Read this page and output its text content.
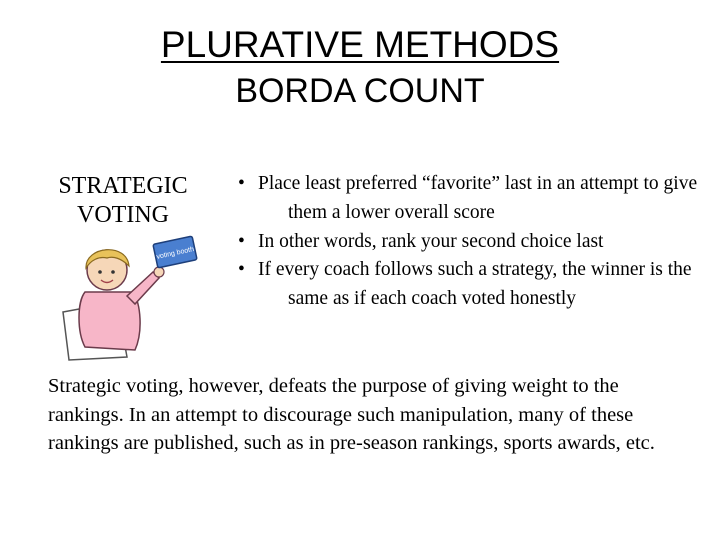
PLURATIVE METHODS
BORDA COUNT
STRATEGIC
VOTING
voting booth
• Place least preferred “favorite” last in an attempt to give them a lower overall score
• In other words, rank your second choice last
• If every coach follows such a strategy, the winner is the same as if each coach voted honestly

Strategic voting, however, defeats the purpose of giving weight to the rankings. In an attempt to discourage such manipulation, many of these rankings are published, such as in pre-season rankings, sports awards, etc.
